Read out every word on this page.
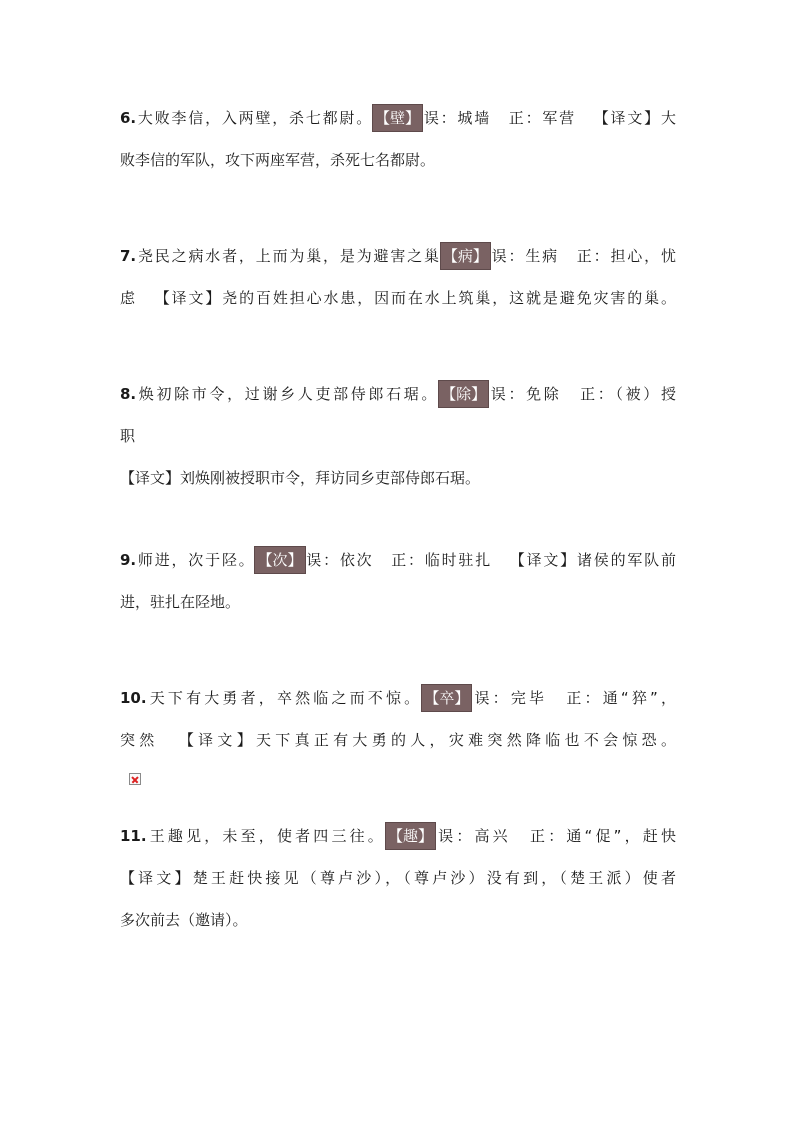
6.大败李信，入两壁，杀七都尉。 【壁】 误：城墙 正：军营 【译文】大
败李信的军队，攻下两座军营，杀死七名都尉。
7.尧民之病水者，上而为巢，是为避害之巢 【病】 误：生病 正：担心，忧
虑 【译文】尧的百姓担心水患，因而在水上筑巢，这就是避免灾害的巢。
8.焕初除市令，过谢乡人吏部侍郎石琚。 【除】 误：免除 正：（被）授
职
【译文】刘焕刚被授职市令，拜访同乡吏部侍郎石琚。
9.师进，次于陉。 【次】 误：依次 正：临时驻扎 【译文】诸侯的军队前
进，驻扎在陉地。
10.天下有大勇者，卒然临之而不惊。 【卒】 误：完毕 正：通“猝”，
突然 【译文】天下真正有大勇的人，灾难突然降临也不会惊恐。
11.王趣见，未至，使者四三往。 【趣】 误：高兴 正：通“促”，赶快
【译文】楚王赶快接见（尊卢沙），（尊卢沙）没有到，（楚王派）使者
多次前去（邀请）。
